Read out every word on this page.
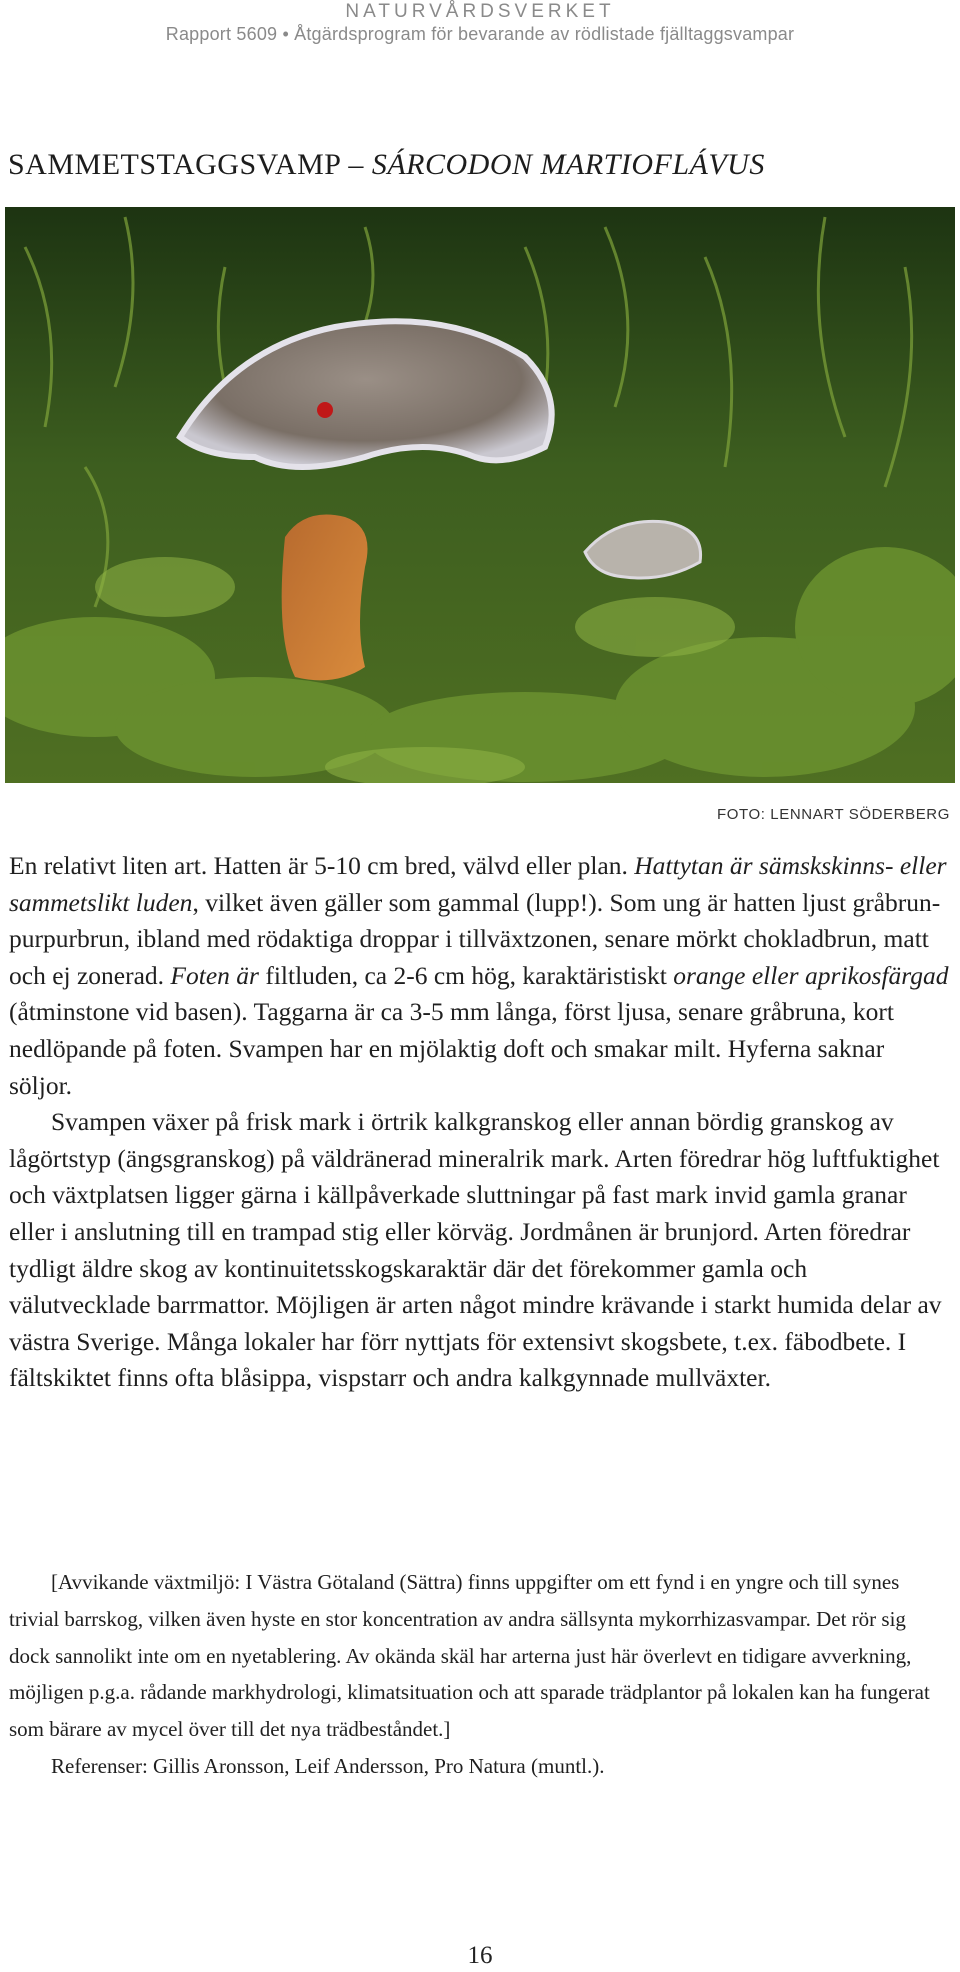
NATURVÅRDSVERKET
Rapport 5609 • Åtgärdsprogram för bevarande av rödlistade fjälltaggsvampar
SAMMETSTAGGSVAMP – SÁRCODON MARTIOFLÁVUS
FOTO: LENNART SÖDERBERG

En relativt liten art. Hatten är 5-10 cm bred, välvd eller plan. Hattytan är sämskskinns- eller sammetslikt luden, vilket även gäller som gammal (lupp!). Som ung är hatten ljust gråbrun-purpurbrun, ibland med rödaktiga droppar i tillväxtzonen, senare mörkt chokladbrun, matt och ej zonerad. Foten är filtluden, ca 2-6 cm hög, karaktäristiskt orange eller aprikosfärgad (åtminstone vid basen). Taggarna är ca 3-5 mm långa, först ljusa, senare gråbruna, kort nedlöpande på foten. Svampen har en mjölaktig doft och smakar milt. Hyferna saknar söljor.

Svampen växer på frisk mark i örtrik kalkgranskog eller annan bördig granskog av lågörtstyp (ängsgranskog) på väldränerad mineralrik mark. Arten föredrar hög luftfuktighet och växtplatsen ligger gärna i källpåverkade sluttningar på fast mark invid gamla granar eller i anslutning till en trampad stig eller körväg. Jordmånen är brunjord. Arten föredrar tydligt äldre skog av kontinuitetsskogskaraktär där det förekommer gamla och välutvecklade barrmattor. Möjligen är arten något mindre krävande i starkt humida delar av västra Sverige. Många lokaler har förr nyttjats för extensivt skogsbete, t.ex. fäbodbete. I fältskiktet finns ofta blåsippa, vispstarr och andra kalkgynnade mullväxter.

[Avvikande växtmiljö: I Västra Götaland (Sättra) finns uppgifter om ett fynd i en yngre och till synes trivial barrskog, vilken även hyste en stor koncentration av andra sällsynta mykorrhizasvampar. Det rör sig dock sannolikt inte om en nyetablering. Av okända skäl har arterna just här överlevt en tidigare avverkning, möjligen p.g.a. rådande markhydrologi, klimatsituation och att sparade trädplantor på lokalen kan ha fungerat som bärare av mycel över till det nya trädbeståndet.]

Referenser: Gillis Aronsson, Leif Andersson, Pro Natura (muntl.).

16
